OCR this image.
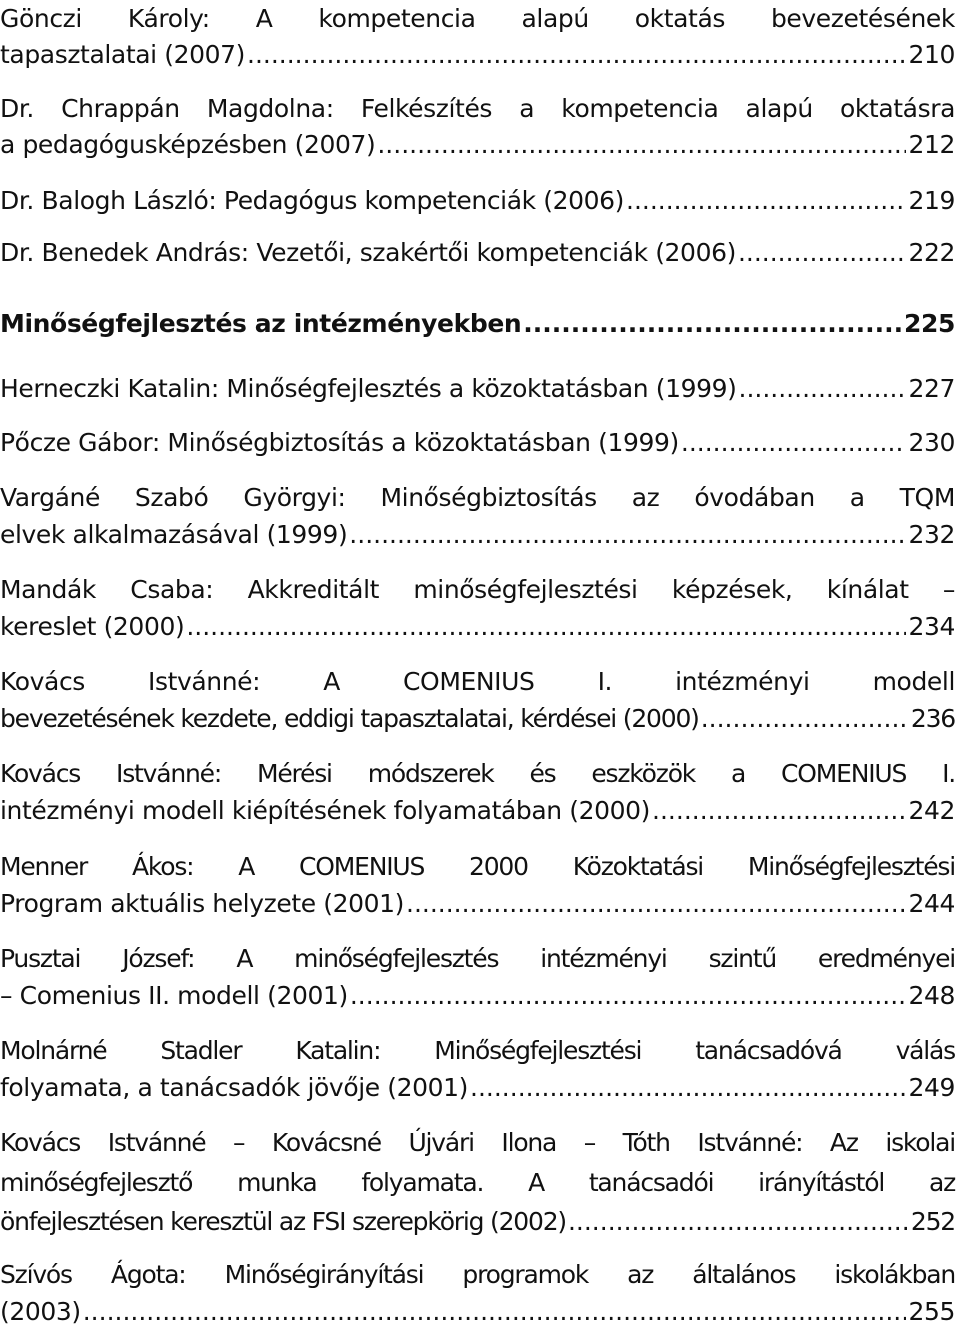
Gönczi Károly: A kompetencia alapú oktatás bevezetésének
tapasztalatai (2007) .....	210
Dr. Chrappán Magdolna: Felkészítés a kompetencia alapú oktatásra
a pedagógusképzésben (2007) .....	212
Dr. Balogh László: Pedagógus kompetenciák (2006) .....	219
Dr. Benedek András: Vezetői, szakértői kompetenciák (2006) .....	222
Minőségfejlesztés az intézményekben .....	225
Herneczki Katalin: Minőségfejlesztés a közoktatásban (1999) .....	227
Pőcze Gábor: Minőségbiztosítás a közoktatásban (1999) .....	230
Vargáné Szabó Györgyi: Minőségbiztosítás az óvodában a TQM
elvek alkalmazásával (1999) .....	232
Mandák Csaba: Akkreditált minőségfejlesztési képzések, kínálat –
kereslet (2000) .....	234
Kovács Istvánné: A COMENIUS I. intézményi modell
bevezetésének kezdete, eddigi tapasztalatai, kérdései (2000) .....	236
Kovács Istvánné: Mérési módszerek és eszközök a COMENIUS I.
intézményi modell kiépítésének folyamatában (2000) .....	242
Menner Ákos: A COMENIUS 2000 Közoktatási Minőségfejlesztési
Program aktuális helyzete (2001) .....	244
Pusztai József: A minőségfejlesztés intézményi szintű eredményei
– Comenius II. modell (2001) .....	248
Molnárné Stadler Katalin: Minőségfejlesztési tanácsadóvá válás
folyamata, a tanácsadók jövője (2001) .....	249
Kovács Istvánné – Kovácsné Újvári Ilona – Tóth Istvánné: Az iskolai
minőségfejlesztő munka folyamata. A tanácsadói irányítástól az
önfejlesztésen keresztül az FSI szerepkörig (2002) .....	252
Szívós Ágota: Minőségirányítási programok az általános iskolákban
(2003) .....	255
